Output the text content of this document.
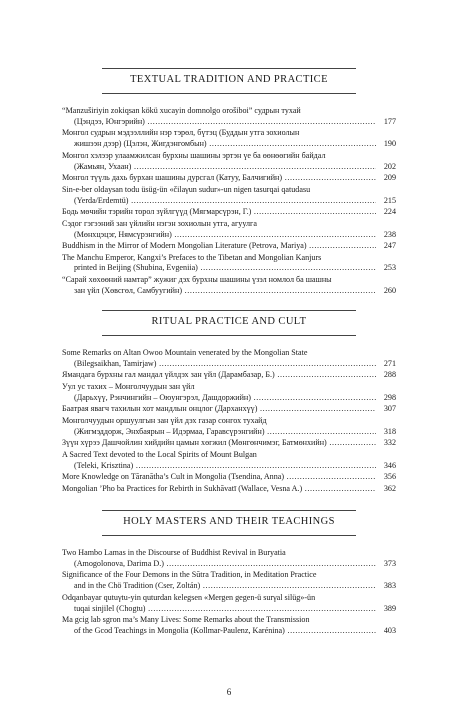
TEXTUAL TRADITION AND PRACTICE
“Manzuširiyin zokiqsan kökü xucayin domnolgo orošiboi” судрын тухай
(Цэндээ, Юнгэрийн) .....	177
Монгол судрын мэдээллийн нэр тэрөл, бүтэц (Буддын утга зохиолын
жишээн дээр) (Цэлэн, Жигдэнгомбын) .....	190
Монгол хэлээр улаамжилсан бурхны шашины эртэн үе ба өөнөөгийн байдал
(Жамьян, Ухаан) .....	202
Монгол түүль дахь бурхан шашины дурсгал (Катуу, Балчигийн) .....	209
Sin-e-ber oldaysan todu üsüg-ün «čilaγun sudur»-un nigen tasurqai qatudasu
(Yerda/Erdemtü) .....	215
Бодь мөчийн тэрийн торол зүйлгүүд (Мягмарсүрэн, Г.) .....	224
Сэдог гэгээний зан үйлийн нэгэн зохиолын утга, агуулга
(Мөнхцэцэг, Нямсүрэнгийн) .....	238
Buddhism in the Mirror of Modern Mongolian Literature (Petrova, Mariya) .....	247
The Manchu Emperor, Kangxi’s Prefaces to the Tibetan and Mongolian Kanjurs
printed in Beijing (Shubina, Evgeniia) .....	253
“Сарай хөхөөний намтар” жужиг дэх бурхны шашины үзэл номлол ба шашны
зан үйл (Хөвсгөл, Самбуугийн) .....	260
RITUAL PRACTICE AND CULT
Some Remarks on Altan Owoo Mountain venerated by the Mongolian State
(Bilegsaikhan, Tamirjaw) .....	271
Ямандага бурхны гал мандал үйлдэх зан үйл (Дарамбазар, Б.) .....	288
Уул ус тахих – Монголчуудын зан үйл
(Дарьхүү, Рэнчингийн – Оюунгэрэл, Дашдоржийн) .....	298
Баатрая явагч тахилын хот мандлын онцлог (Дарханхүү) .....	307
Монголчуудын оршуулгын зан үйл дэх газар сонгох тухайд
(Жигмэддорж, Энхбаярын – Идэрмаа, Гаравсүрэнгийн) .....	318
Зүүн хүрээ Дашчойлин хийдийн цамын хөгжил (Мөнгөнчимэг, Батмөнхийн) .....	332
A Sacred Text devoted to the Local Spirits of Mount Bulgan
(Teleki, Krisztina) .....	346
More Knowledge on Tāranātha’s Cult in Mongolia (Tsendina, Anna) .....	356
Mongolian ’Pho ba Practices for Rebirth in Sukhāvatī (Wallace, Vesna A.) .....	362
HOLY MASTERS AND THEIR TEACHINGS
Two Hambo Lamas in the Discourse of Buddhist Revival in Buryatia
(Amogolonova, Darima D.) .....	373
Significance of the Four Demons in the Sūtra Tradition, in Meditation Practice
and in the Chö Tradition (Cser, Zoltán) .....	383
Odqanbayar qutuγtu-yin quturdan kelegsen «Mergen gegen-ü surγal silüg»-ün
tuqai sinjilel (Chogtu) .....	389
Ma gcig lab sgron ma’s Many Lives: Some Remarks about the Transmission
of the Gcod Teachings in Mongolia (Kollmar-Paulenz, Karénina) .....	403
6
